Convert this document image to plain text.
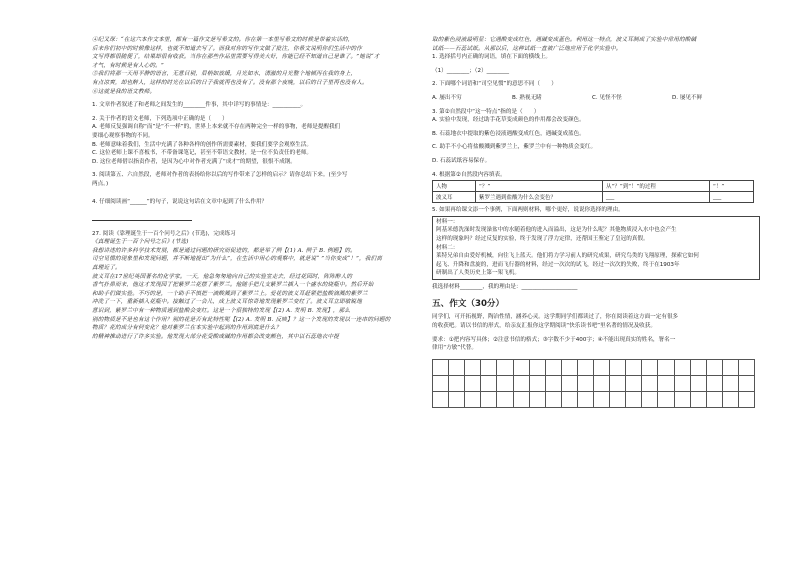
④纪又琛：“在这六本作文本里，都有一篇作文是写希文的。你在第一本里写希文的时候是带着实话的，
后来你们初中的时候像这样，也就不知道去写了。而我对你的写作文做了批注，你希文说明你们生活中的作
文写得都很随便了，结果却很有收获。当你在那些作品里需要写得美大好，你能已经不知道自己是谁了。”她说“才
才气，有时候是有人心的。”
⑤我们将那一天用平静的语言，无意目别，眉梢如放缓，月光如水，清澈的月光整个地倾泻在我的身上，
有点凉爽，却也醉人，这样的时光在以后的日子我就再也没有了。没有那个夜晚，以后的日子里再也没有人。
⑥这就是我的语文教师。
1. 文章作者叙述了和老师之间发生的________件事，其中详写的事情是：__________。
2. 关于作者的语文老师，下列选项中正确的是（　　）
A. 老师反复强调自称“而”是“不一样”的，世界上本来就不存在两种完全一样的事物，老师是提醒我们
要细心观察事物的不同。
B. 老师意味着我们，生活中充满了各种各样的创作所需要素材，要我们要学会观察生活。
C. 这位老师上课不喜板书，不带备课笔记，甚至不带语文教材，是一位不负责任的老师。
D. 这位老师借以指责作者，是因为心中对作者充满了“成才”的期望，很恨不成钢。
3. 阅读第五、六自然段，老师对作者的表扬给你以后的写作带来了怎样的启示？请你总结下来。(至少写
两点。)
4. 仔细阅读画“______”的句子，说说这句话在文章中起到了什么作用？
27. 阅读《靠理诞生于一百个问号之后》(节选)，完成练习
《真理诞生于一百个问号之后》(节选)
我想讲述的许多科学技术发展，都是通过问题的研究而促进的，都是举了例【(1) A. 例子 B. 例题】的。
司空见惯的现象里和发现问题，并不断地提出“为什么”，在生活中用心的观察中，就是说“ ”当你变成“！”，我们离
真理近了。
波义耳在17世纪英国著名的化学家。一天，他急匆匆地向自己的实验室走去，经过花园时，阵阵醉人的
香气扑鼻而来，他这才发现园丁把紫罗兰花摆了紫罗兰。他随手把几支紫罗兰插入一个盛水的烧瓶中。然后开始
和助手们做实验。不巧的是，一个助手不慎把一滴酸溅到了紫罗兰上。爱花的波义耳赶紧把盐酸滴溅的紫罗兰
冲洗了一下，重新插入花瓶中。接触过了一会儿，成上波义耳惊奇地发现紫罗兰变红了。波义耳立即敏锐地
意识到，紫罗兰中有一种物质遇到盐酸会变红。这是一个很独特的发现【(2) A. 发明 B. 发现】，那么
别的物质是不是也有这个作用？别的花是否有此特性呢【(2) A. 发明 B. 反映】？这一个发现的发现以一连串的问题的
物质？花的成分有何变化？他对紫罗兰在本实验中起到的作用到底是什么？
的精神推动进行了许多实验。他发现大部分花受酸或碱的作用都会改变颜色，其中以石蕊地衣中提
取的紫色浸液最明显：它遇酸变成红色，遇碱变成蓝色。利用这一特点，波义耳制成了实验中常用的酸碱
试纸——石蕊试纸。从那以后，这种试纸一直被广泛地应用于化学实验中。
1. 选择括号内正确的词语，填在下面的横线上。
（1）________；（2）________
2. 下面哪个词语和“司空见惯”的意思不同（　　）
A. 屡出不穷	B. 熟视无睹	C. 见怪不怪	D. 屡见不鲜
3. 第②自然段中“这一特点”指的是（　　）
A. 实验中发现，经过助手花草变成颜色的作用都会改变颜色。
B. 石蕊地衣中提取的紫色浸液遇酸变成红色，遇碱变成蓝色。
C. 助手不小心将盐酸溅到紫罗兰上，紫罗兰中有一种物质会变红。
D. 石蕊试纸容易保存。
4. 根据第②自然段内容填表。
人物	“？”	从“？”到“！”的过程	“！”
波义耳	紫罗兰遇到盐酸为什么会变色？	___	___
5. 如果再给课文添一个事例，下面两则材料，哪个更好，说说你选择的理由。
材料一：
阿基米德洗澡时发现澡盆中的水随着他的进入而溢出，这是为什么呢？其他物质浸入水中也会产生
这样的现象吗？经过反复的实验，终于发现了浮力定律，还帮国王鉴定了皇冠的真假。
材料二：
莱特兄弟自由爱好机械，向往飞上蓝天。他们将力学习前人的研究成果，研究鸟类的飞翔原理，探索它如何
起飞、升降和盘旋的，进而飞行器的材料，经过一次次的试飞，经过一次次的失败，终于在1903年
研制出了人类历史上第一架飞机。
我选择材料________，我的理由是：____________________
五、作文（30分）
同学们，可开拓视野，陶冶性情，涵养心灵。这学期同学们都读过了，你在阅读着这方面一定有很多
的收获吧。请以书信的形式，给亲友汇报你这学期阅读“快乐读书吧”里名著的情况及收获。
要求：①把内容写具体；②注意书信的格式；③字数不少于400字；④不能出现真实的姓名，署名一
律用“方敏”代替。
